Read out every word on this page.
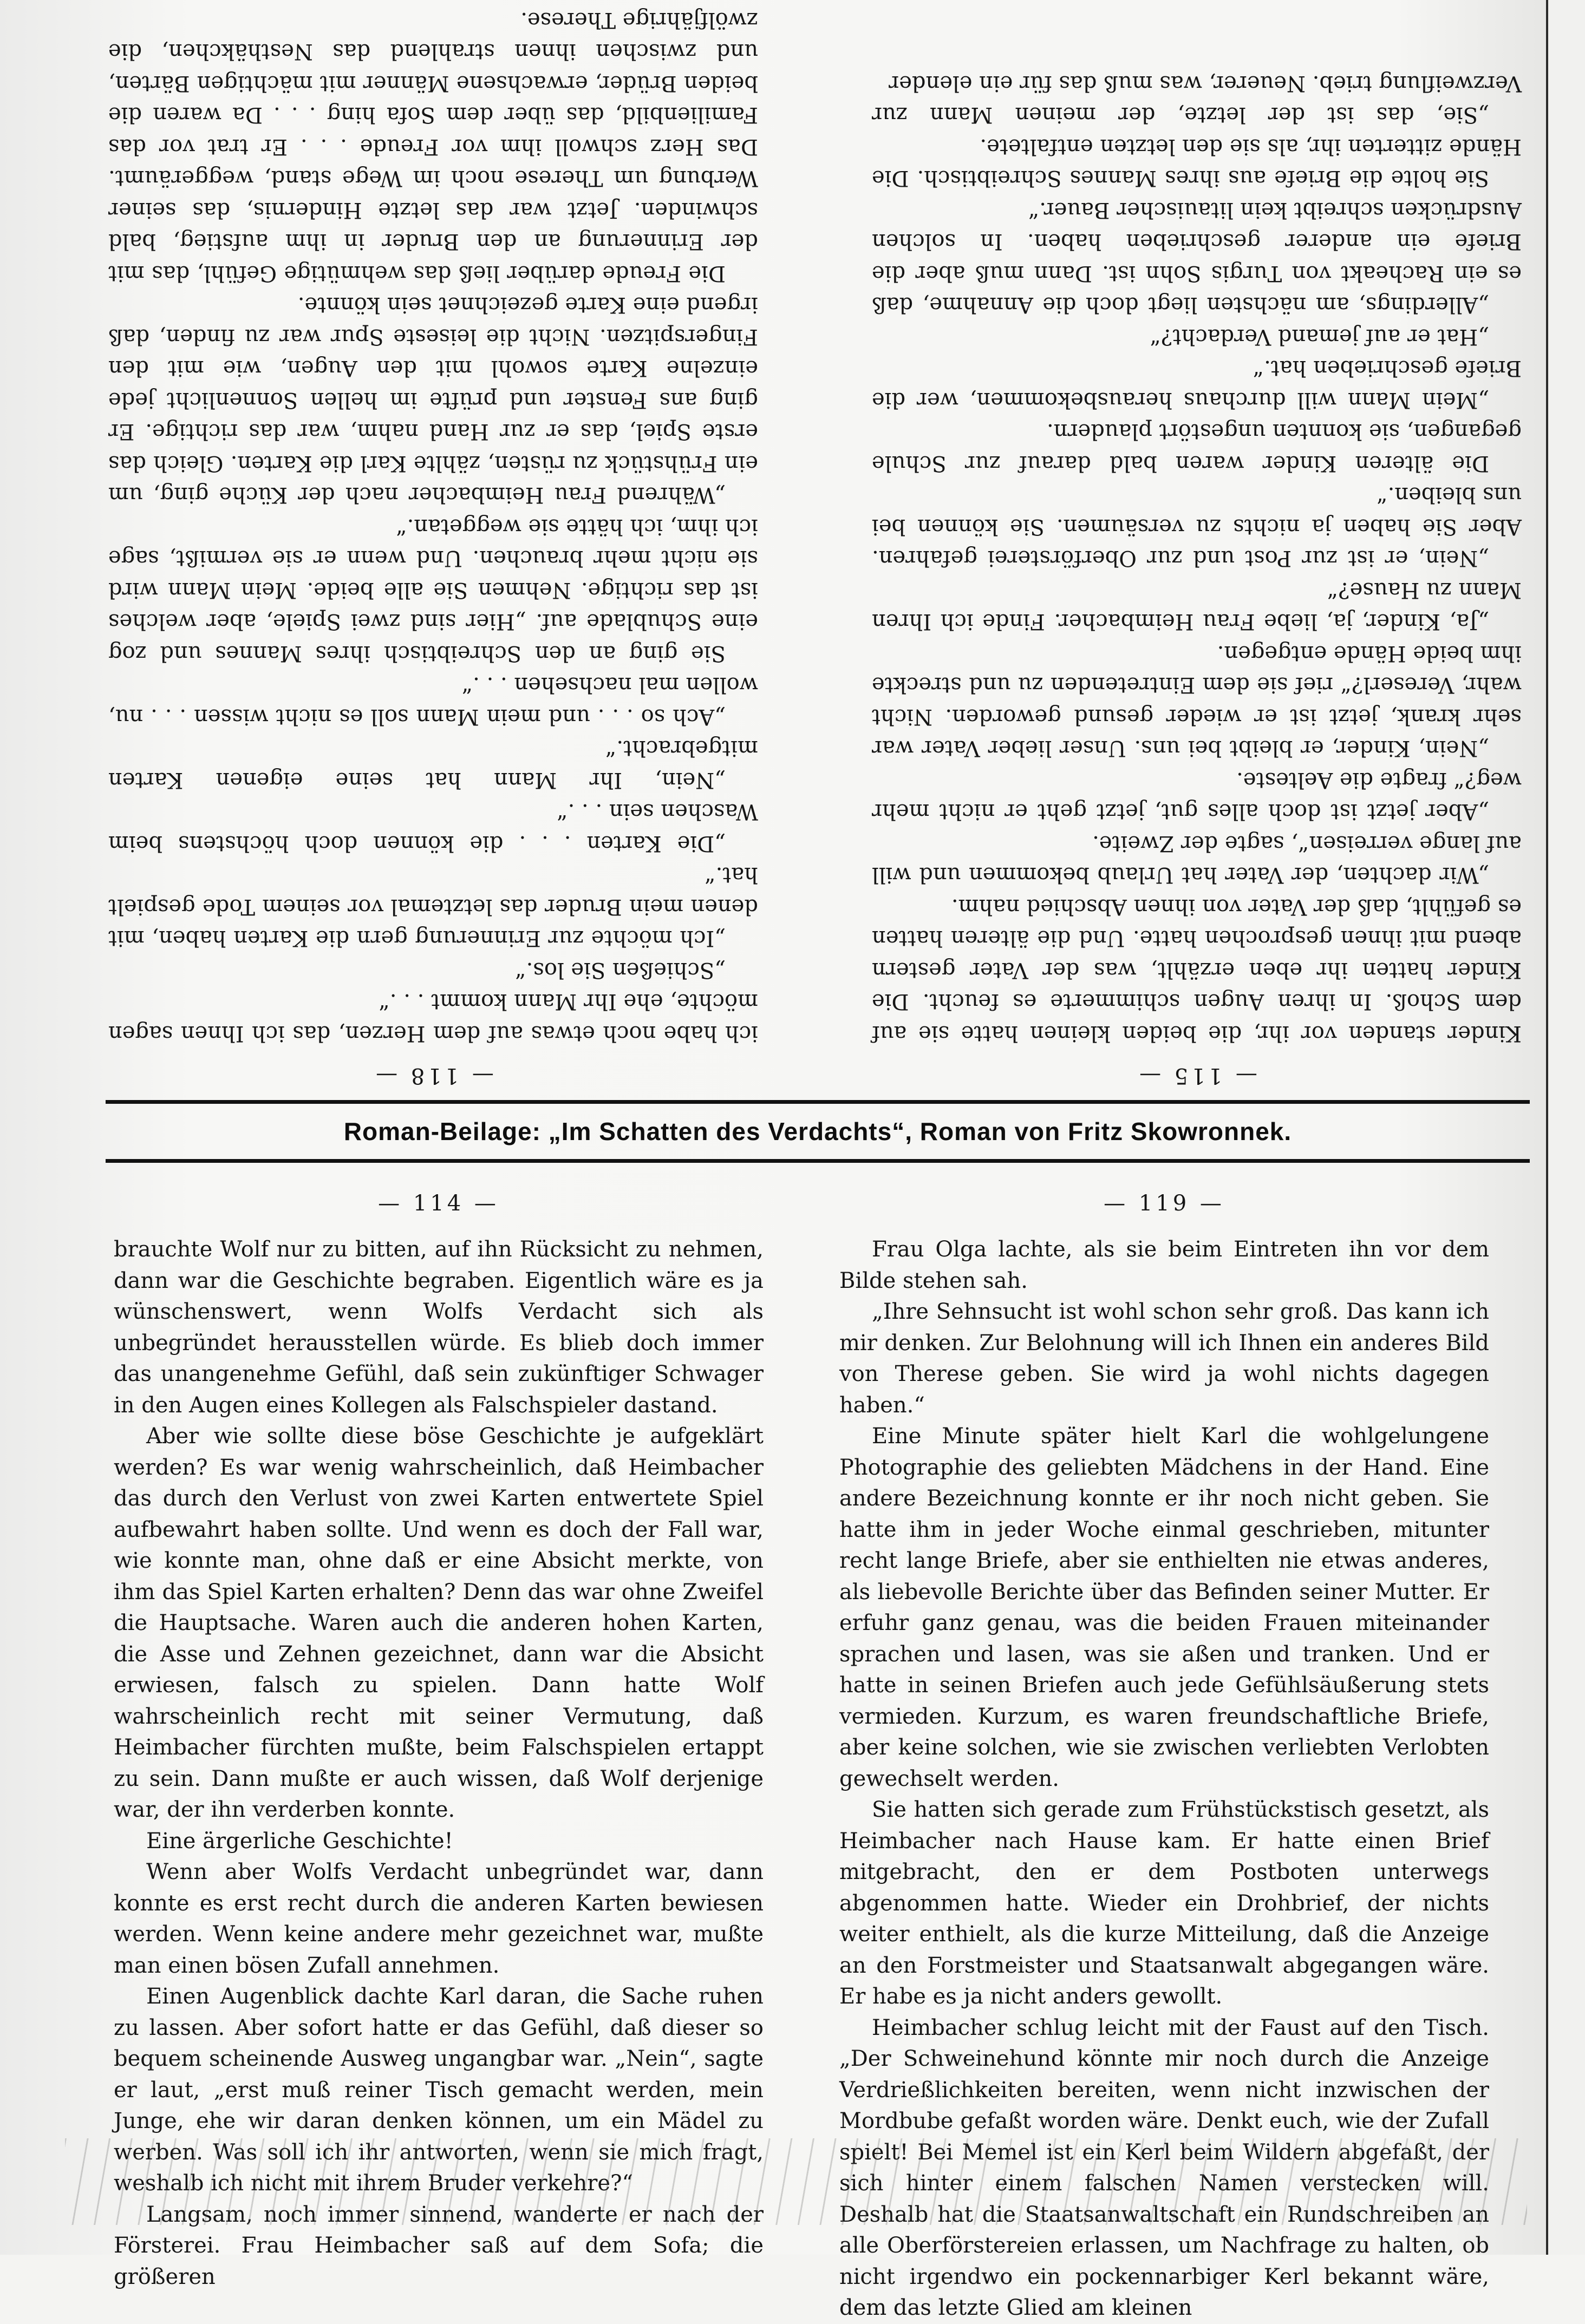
— 115 —

Kinder standen vor ihr, die beiden kleinen hatte sie auf dem Schoß. In ihren Augen schimmerte es feucht. Die Kinder hatten ihr eben erzählt, was der Vater gestern abend mit ihnen gesprochen hatte. Und die älteren hatten es gefühlt, daß der Vater von ihnen Abschied nahm.

„Wir dachten, der Vater hat Urlaub bekommen und will auf lange verreisen“, sagte der Zweite.

„Aber jetzt ist doch alles gut, jetzt geht er nicht mehr weg?“ fragte die Aelteste.

„Nein, Kinder, er bleibt bei uns. Unser lieber Vater war sehr krank, jetzt ist er wieder gesund geworden. Nicht wahr, Vereserl?“ rief sie dem Eintretenden zu und streckte ihm beide Hände entgegen.

„Ja, Kinder, ja, liebe Frau Heimbacher. Finde ich Ihren Mann zu Hause?“

„Nein, er ist zur Post und zur Oberförsterei gefahren. Aber Sie haben ja nichts zu versäumen. Sie können bei uns bleiben.“

Die älteren Kinder waren bald darauf zur Schule gegangen, sie konnten ungestört plaudern.

„Mein Mann will durchaus herausbekommen, wer die Briefe geschrieben hat.“

„Hat er auf jemand Verdacht?“

„Allerdings, am nächsten liegt doch die Annahme, daß es ein Racheakt von Turgis Sohn ist. Dann muß aber die Briefe ein anderer geschrieben haben. In solchen Ausdrücken schreibt kein litauischer Bauer.“

Sie holte die Briefe aus ihres Mannes Schreibtisch. Die Hände zitterten ihr, als sie den letzten entfaltete.

„Sie, das ist der letzte, der meinen Mann zur Verzweiflung trieb. Neuerer, was muß das für ein elender

— 118 —

ich habe noch etwas auf dem Herzen, das ich Ihnen sagen möchte, ehe Ihr Mann kommt . . .“

„Schießen Sie los.“

„Ich möchte zur Erinnerung gern die Karten haben, mit denen mein Bruder das letztemal vor seinem Tode gespielt hat.“

„Die Karten . . . die können doch höchstens beim Waschen sein . . .“

„Nein, Ihr Mann hat seine eigenen Karten mitgebracht.“

„Ach so . . . und mein Mann soll es nicht wissen . . . nu, wollen mal nachsehen . . .“

Sie ging an den Schreibtisch ihres Mannes und zog eine Schublade auf. „Hier sind zwei Spiele, aber welches ist das richtige. Nehmen Sie alle beide. Mein Mann wird sie nicht mehr brauchen. Und wenn er sie vermißt, sage ich ihm, ich hätte sie weggetan.“

„Während Frau Heimbacher nach der Küche ging, um ein Frühstück zu rüsten, zählte Karl die Karten. Gleich das erste Spiel, das er zur Hand nahm, war das richtige. Er ging ans Fenster und prüfte im hellen Sonnenlicht jede einzelne Karte sowohl mit den Augen, wie mit den Fingerspitzen. Nicht die leiseste Spur war zu finden, daß irgend eine Karte gezeichnet sein könnte.

Die Freude darüber ließ das wehmütige Gefühl, das mit der Erinnerung an den Bruder in ihm aufstieg, bald schwinden. Jetzt war das letzte Hindernis, das seiner Werbung um Therese noch im Wege stand, weggeräumt. Das Herz schwoll ihm vor Freude . . . Er trat vor das Familienbild, das über dem Sofa hing . . . Da waren die beiden Brüder, erwachsene Männer mit mächtigen Bärten, und zwischen ihnen strahlend das Nesthäkchen, die zwölfjährige Therese.

Roman-Beilage: „Im Schatten des Verdachts“, Roman von Fritz Skowronnek.
— 114 —

brauchte Wolf nur zu bitten, auf ihn Rücksicht zu nehmen, dann war die Geschichte begraben. Eigentlich wäre es ja wünschenswert, wenn Wolfs Verdacht sich als unbegründet herausstellen würde. Es blieb doch immer das unangenehme Gefühl, daß sein zukünftiger Schwager in den Augen eines Kollegen als Falschspieler dastand.

Aber wie sollte diese böse Geschichte je aufgeklärt werden? Es war wenig wahrscheinlich, daß Heimbacher das durch den Verlust von zwei Karten entwertete Spiel aufbewahrt haben sollte. Und wenn es doch der Fall war, wie konnte man, ohne daß er eine Absicht merkte, von ihm das Spiel Karten erhalten? Denn das war ohne Zweifel die Hauptsache. Waren auch die anderen hohen Karten, die Asse und Zehnen gezeichnet, dann war die Absicht erwiesen, falsch zu spielen. Dann hatte Wolf wahrscheinlich recht mit seiner Vermutung, daß Heimbacher fürchten mußte, beim Falschspielen ertappt zu sein. Dann mußte er auch wissen, daß Wolf derjenige war, der ihn verderben konnte.

Eine ärgerliche Geschichte!

Wenn aber Wolfs Verdacht unbegründet war, dann konnte es erst recht durch die anderen Karten bewiesen werden. Wenn keine andere mehr gezeichnet war, mußte man einen bösen Zufall annehmen.

Einen Augenblick dachte Karl daran, die Sache ruhen zu lassen. Aber sofort hatte er das Gefühl, daß dieser so bequem scheinende Ausweg ungangbar war. „Nein“, sagte er laut, „erst muß reiner Tisch gemacht werden, mein Junge, ehe wir daran denken können, um ein Mädel zu werben. Was soll ich ihr antworten, wenn sie mich fragt, weshalb ich nicht mit ihrem Bruder verkehre?“

Langsam, noch immer sinnend, wanderte er nach der Försterei. Frau Heimbacher saß auf dem Sofa; die größeren

— 119 —

Frau Olga lachte, als sie beim Eintreten ihn vor dem Bilde stehen sah.

„Ihre Sehnsucht ist wohl schon sehr groß. Das kann ich mir denken. Zur Belohnung will ich Ihnen ein anderes Bild von Therese geben. Sie wird ja wohl nichts dagegen haben.“

Eine Minute später hielt Karl die wohlgelungene Photographie des geliebten Mädchens in der Hand. Eine andere Bezeichnung konnte er ihr noch nicht geben. Sie hatte ihm in jeder Woche einmal geschrieben, mitunter recht lange Briefe, aber sie enthielten nie etwas anderes, als liebevolle Berichte über das Befinden seiner Mutter. Er erfuhr ganz genau, was die beiden Frauen miteinander sprachen und lasen, was sie aßen und tranken. Und er hatte in seinen Briefen auch jede Gefühlsäußerung stets vermieden. Kurzum, es waren freundschaftliche Briefe, aber keine solchen, wie sie zwischen verliebten Verlobten gewechselt werden.

Sie hatten sich gerade zum Frühstückstisch gesetzt, als Heimbacher nach Hause kam. Er hatte einen Brief mitgebracht, den er dem Postboten unterwegs abgenommen hatte. Wieder ein Drohbrief, der nichts weiter enthielt, als die kurze Mitteilung, daß die Anzeige an den Forstmeister und Staatsanwalt abgegangen wäre. Er habe es ja nicht anders gewollt.

Heimbacher schlug leicht mit der Faust auf den Tisch. „Der Schweinehund könnte mir noch durch die Anzeige Verdrießlichkeiten bereiten, wenn nicht inzwischen der Mordbube gefaßt worden wäre. Denkt euch, wie der Zufall spielt! Bei Memel ist ein Kerl beim Wildern abgefaßt, der sich hinter einem falschen Namen verstecken will. Deshalb hat die Staatsanwaltschaft ein Rundschreiben an alle Oberförstereien erlassen, um Nachfrage zu halten, ob nicht irgendwo ein pockennarbiger Kerl bekannt wäre, dem das letzte Glied am kleinen
